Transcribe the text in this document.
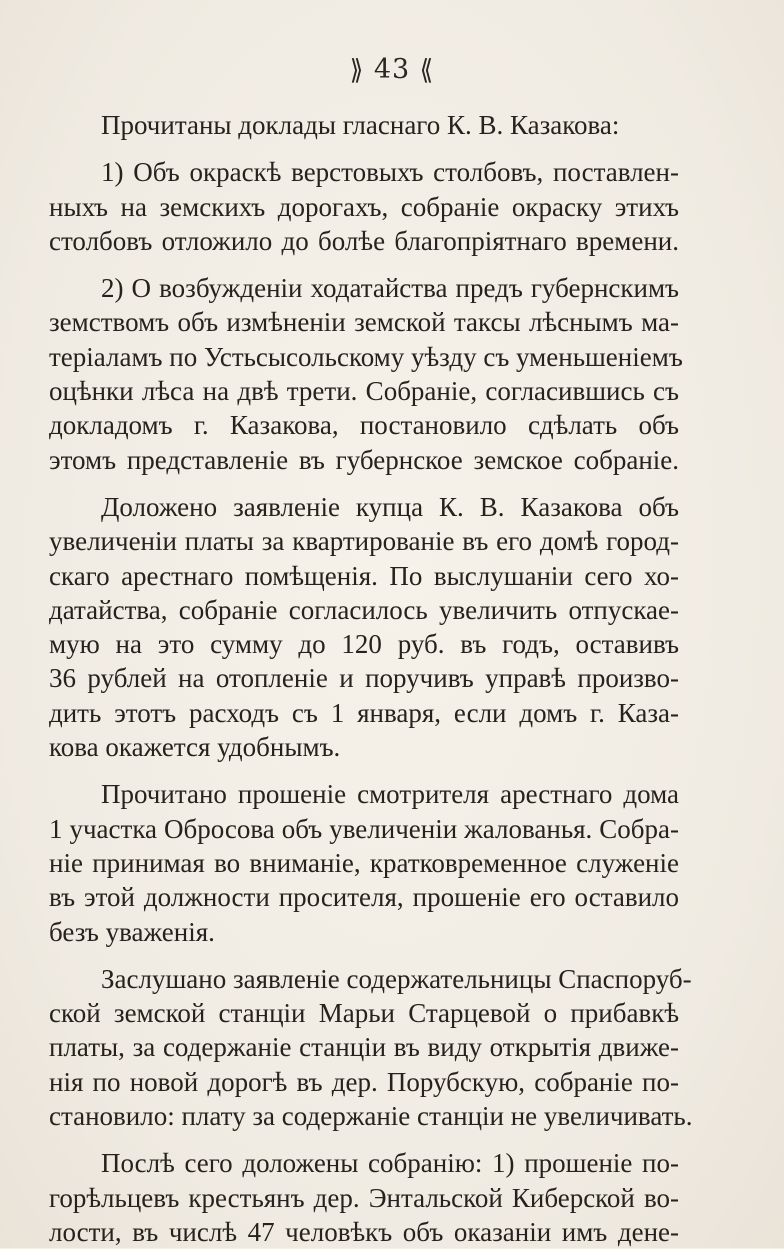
⟫ 43 ⟪
Прочитаны доклады гласнаго К. В. Казакова:
1) Объ окраскѣ верстовыхъ столбовъ, поставлен-
ныхъ на земскихъ дорогахъ, собраніе окраску этихъ
столбовъ отложило до болѣе благопріятнаго времени.
2) О возбужденіи ходатайства предъ губернскимъ
земствомъ объ измѣненіи земской таксы лѣснымъ ма-
теріаламъ по Устьсысольскому уѣзду съ уменьшеніемъ
оцѣнки лѣса на двѣ трети. Собраніе, согласившись съ
докладомъ г. Казакова, постановило сдѣлать объ
этомъ представленіе въ губернское земское собраніе.
Доложено заявленіе купца К. В. Казакова объ
увеличеніи платы за квартированіе въ его домѣ город-
скаго арестнаго помѣщенія. По выслушаніи сего хо-
датайства, собраніе согласилось увеличить отпускае-
мую на это сумму до 120 руб. въ годъ, оставивъ
36 рублей на отопленіе и поручивъ управѣ произво-
дить этотъ расходъ съ 1 января, если домъ г. Каза-
кова окажется удобнымъ.
Прочитано прошеніе смотрителя арестнаго дома
1 участка Обросова объ увеличеніи жалованья. Собра-
ніе принимая во вниманіе, кратковременное служеніе
въ этой должности просителя, прошеніе его оставило
безъ уваженія.
Заслушано заявленіе содержательницы Спаспоруб-
ской земской станціи Марьи Старцевой о прибавкѣ
платы, за содержаніе станціи въ виду открытія движе-
нія по новой дорогѣ въ дер. Порубскую, собраніе по-
становило: плату за содержаніе станціи не увеличивать.
Послѣ сего доложены собранію: 1) прошеніе по-
горѣльцевъ крестьянъ дер. Энтальской Киберской во-
лости, въ числѣ 47 человѣкъ объ оказаніи имъ дене-
